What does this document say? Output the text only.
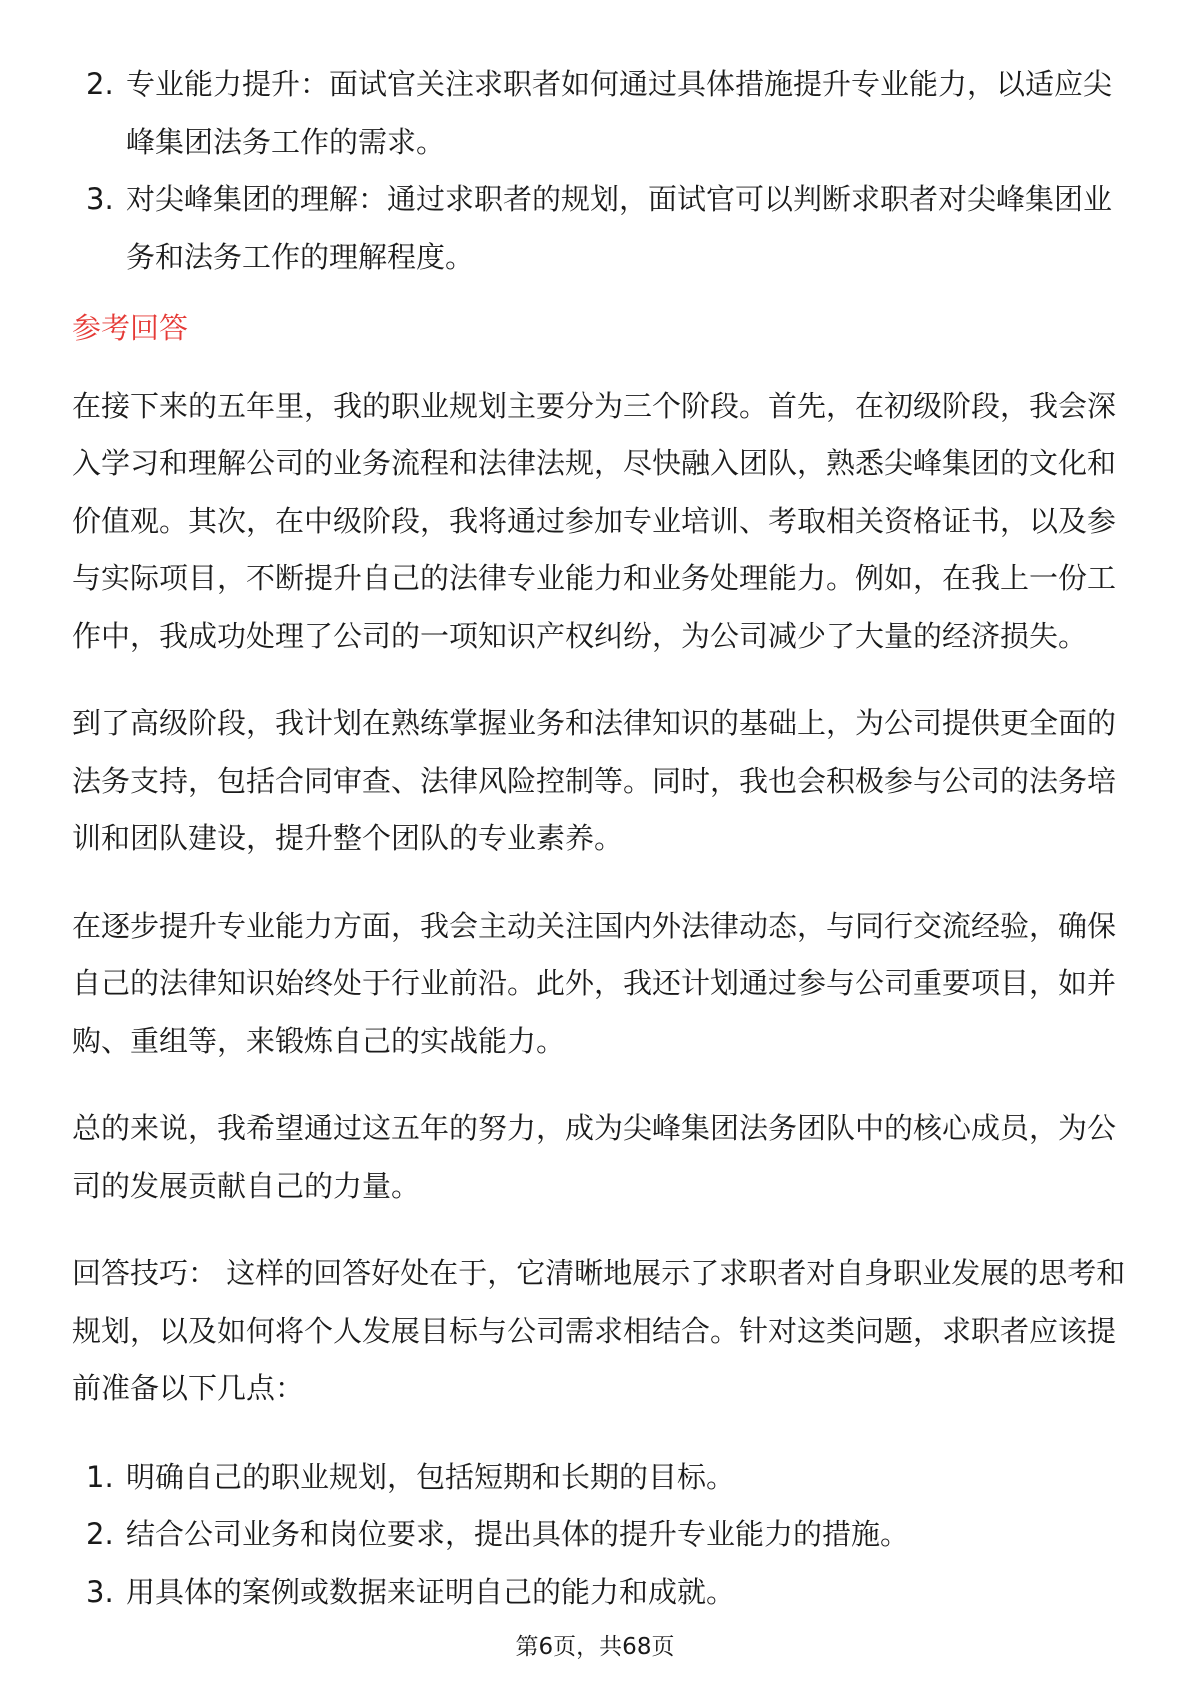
2. 专业能力提升：面试官关注求职者如何通过具体措施提升专业能力，以适应尖峰集团法务工作的需求。
3. 对尖峰集团的理解：通过求职者的规划，面试官可以判断求职者对尖峰集团业务和法务工作的理解程度。
参考回答

在接下来的五年里，我的职业规划主要分为三个阶段。首先，在初级阶段，我会深入学习和理解公司的业务流程和法律法规，尽快融入团队，熟悉尖峰集团的文化和价值观。其次，在中级阶段，我将通过参加专业培训、考取相关资格证书，以及参与实际项目，不断提升自己的法律专业能力和业务处理能力。例如，在我上一份工作中，我成功处理了公司的一项知识产权纠纷，为公司减少了大量的经济损失。

到了高级阶段，我计划在熟练掌握业务和法律知识的基础上，为公司提供更全面的法务支持，包括合同审查、法律风险控制等。同时，我也会积极参与公司的法务培训和团队建设，提升整个团队的专业素养。

在逐步提升专业能力方面，我会主动关注国内外法律动态，与同行交流经验，确保自己的法律知识始终处于行业前沿。此外，我还计划通过参与公司重要项目，如并购、重组等，来锻炼自己的实战能力。

总的来说，我希望通过这五年的努力，成为尖峰集团法务团队中的核心成员，为公司的发展贡献自己的力量。

回答技巧： 这样的回答好处在于，它清晰地展示了求职者对自身职业发展的思考和规划，以及如何将个人发展目标与公司需求相结合。针对这类问题，求职者应该提前准备以下几点：

1. 明确自己的职业规划，包括短期和长期的目标。
2. 结合公司业务和岗位要求，提出具体的提升专业能力的措施。
3. 用具体的案例或数据来证明自己的能力和成就。
第6页，共68页
